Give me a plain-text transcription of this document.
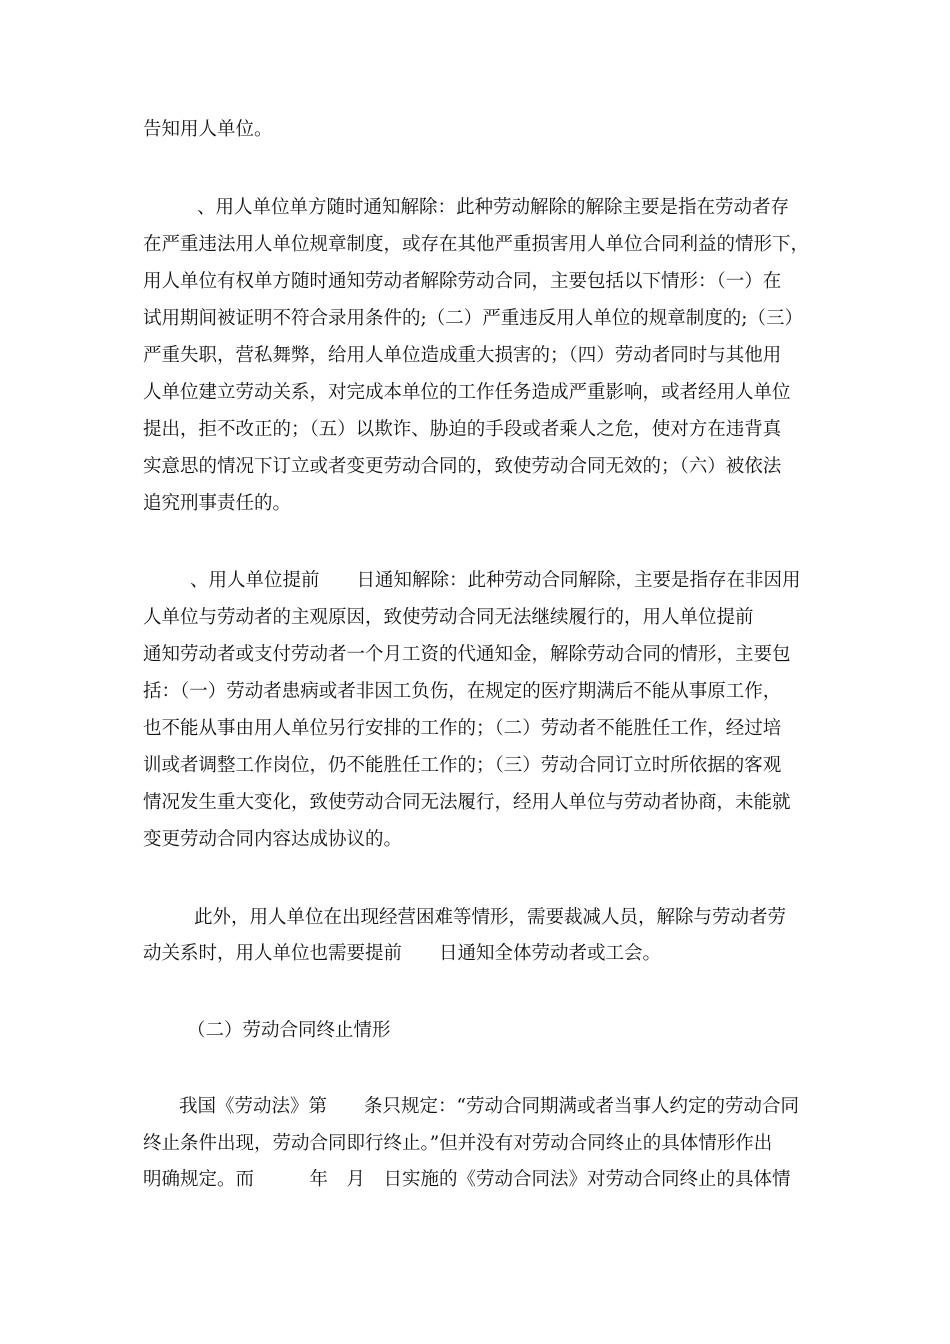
告知用人单位。
、用人单位单方随时通知解除：此种劳动解除的解除主要是指在劳动者存
在严重违法用人单位规章制度，或存在其他严重损害用人单位合同利益的情形下，
用人单位有权单方随时通知劳动者解除劳动合同，主要包括以下情形：（一）在
试用期间被证明不符合录用条件的;（二）严重违反用人单位的规章制度的;（三）
严重失职，营私舞弊，给用人单位造成重大损害的；（四）劳动者同时与其他用
人单位建立劳动关系，对完成本单位的工作任务造成严重影响，或者经用人单位
提出，拒不改正的；（五）以欺诈、胁迫的手段或者乘人之危，使对方在违背真
实意思的情况下订立或者变更劳动合同的，致使劳动合同无效的；（六）被依法
追究刑事责任的。
、用人单位提前　　日通知解除：此种劳动合同解除，主要是指存在非因用
人单位与劳动者的主观原因，致使劳动合同无法继续履行的，用人单位提前
通知劳动者或支付劳动者一个月工资的代通知金，解除劳动合同的情形，主要包
括：（一）劳动者患病或者非因工负伤，在规定的医疗期满后不能从事原工作，
也不能从事由用人单位另行安排的工作的；（二）劳动者不能胜任工作，经过培
训或者调整工作岗位，仍不能胜任工作的；（三）劳动合同订立时所依据的客观
情况发生重大变化，致使劳动合同无法履行，经用人单位与劳动者协商，未能就
变更劳动合同内容达成协议的。
此外，用人单位在出现经营困难等情形，需要裁减人员，解除与劳动者劳
动关系时，用人单位也需要提前　　日通知全体劳动者或工会。
（二）劳动合同终止情形
我国《劳动法》第　　条只规定：“劳动合同期满或者当事人约定的劳动合同
终止条件出现，劳动合同即行终止。”但并没有对劳动合同终止的具体情形作出
明确规定。而　　　年　月　日实施的《劳动合同法》对劳动合同终止的具体情
